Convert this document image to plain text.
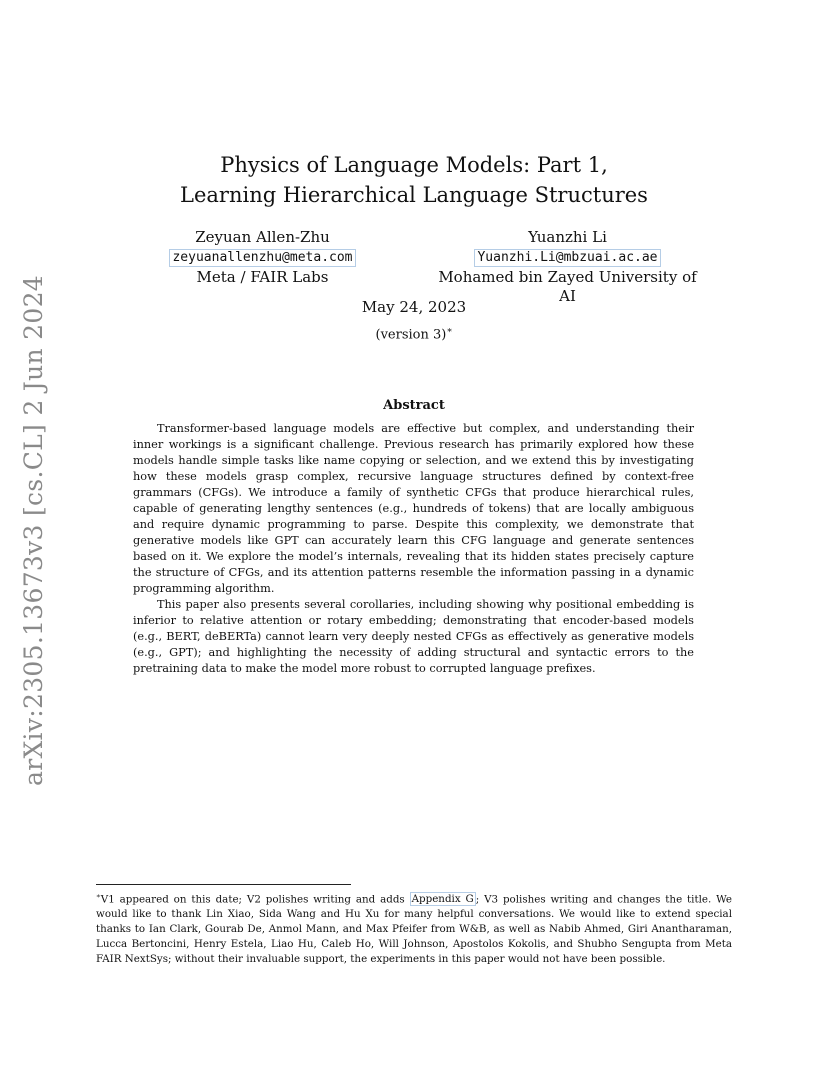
arXiv:2305.13673v3 [cs.CL] 2 Jun 2024
Physics of Language Models: Part 1,
Learning Hierarchical Language Structures
Zeyuan Allen-Zhu
zeyuanallenzhu@meta.com
Meta / FAIR Labs
Yuanzhi Li
Yuanzhi.Li@mbzuai.ac.ae
Mohamed bin Zayed University of AI
May 24, 2023
(version 3)∗
Abstract

Transformer-based language models are effective but complex, and understanding their inner workings is a significant challenge. Previous research has primarily explored how these models handle simple tasks like name copying or selection, and we extend this by investigating how these models grasp complex, recursive language structures defined by context-free grammars (CFGs). We introduce a family of synthetic CFGs that produce hierarchical rules, capable of generating lengthy sentences (e.g., hundreds of tokens) that are locally ambiguous and require dynamic programming to parse. Despite this complexity, we demonstrate that generative models like GPT can accurately learn this CFG language and generate sentences based on it. We explore the model’s internals, revealing that its hidden states precisely capture the structure of CFGs, and its attention patterns resemble the information passing in a dynamic programming algorithm.

This paper also presents several corollaries, including showing why positional embedding is inferior to relative attention or rotary embedding; demonstrating that encoder-based models (e.g., BERT, deBERTa) cannot learn very deeply nested CFGs as effectively as generative models (e.g., GPT); and highlighting the necessity of adding structural and syntactic errors to the pretraining data to make the model more robust to corrupted language prefixes.

∗V1 appeared on this date; V2 polishes writing and adds Appendix G ; V3 polishes writing and changes the title. We would like to thank Lin Xiao, Sida Wang and Hu Xu for many helpful conversations. We would like to extend special thanks to Ian Clark, Gourab De, Anmol Mann, and Max Pfeifer from W&B, as well as Nabib Ahmed, Giri Anantharaman, Lucca Bertoncini, Henry Estela, Liao Hu, Caleb Ho, Will Johnson, Apostolos Kokolis, and Shubho Sengupta from Meta FAIR NextSys; without their invaluable support, the experiments in this paper would not have been possible.
